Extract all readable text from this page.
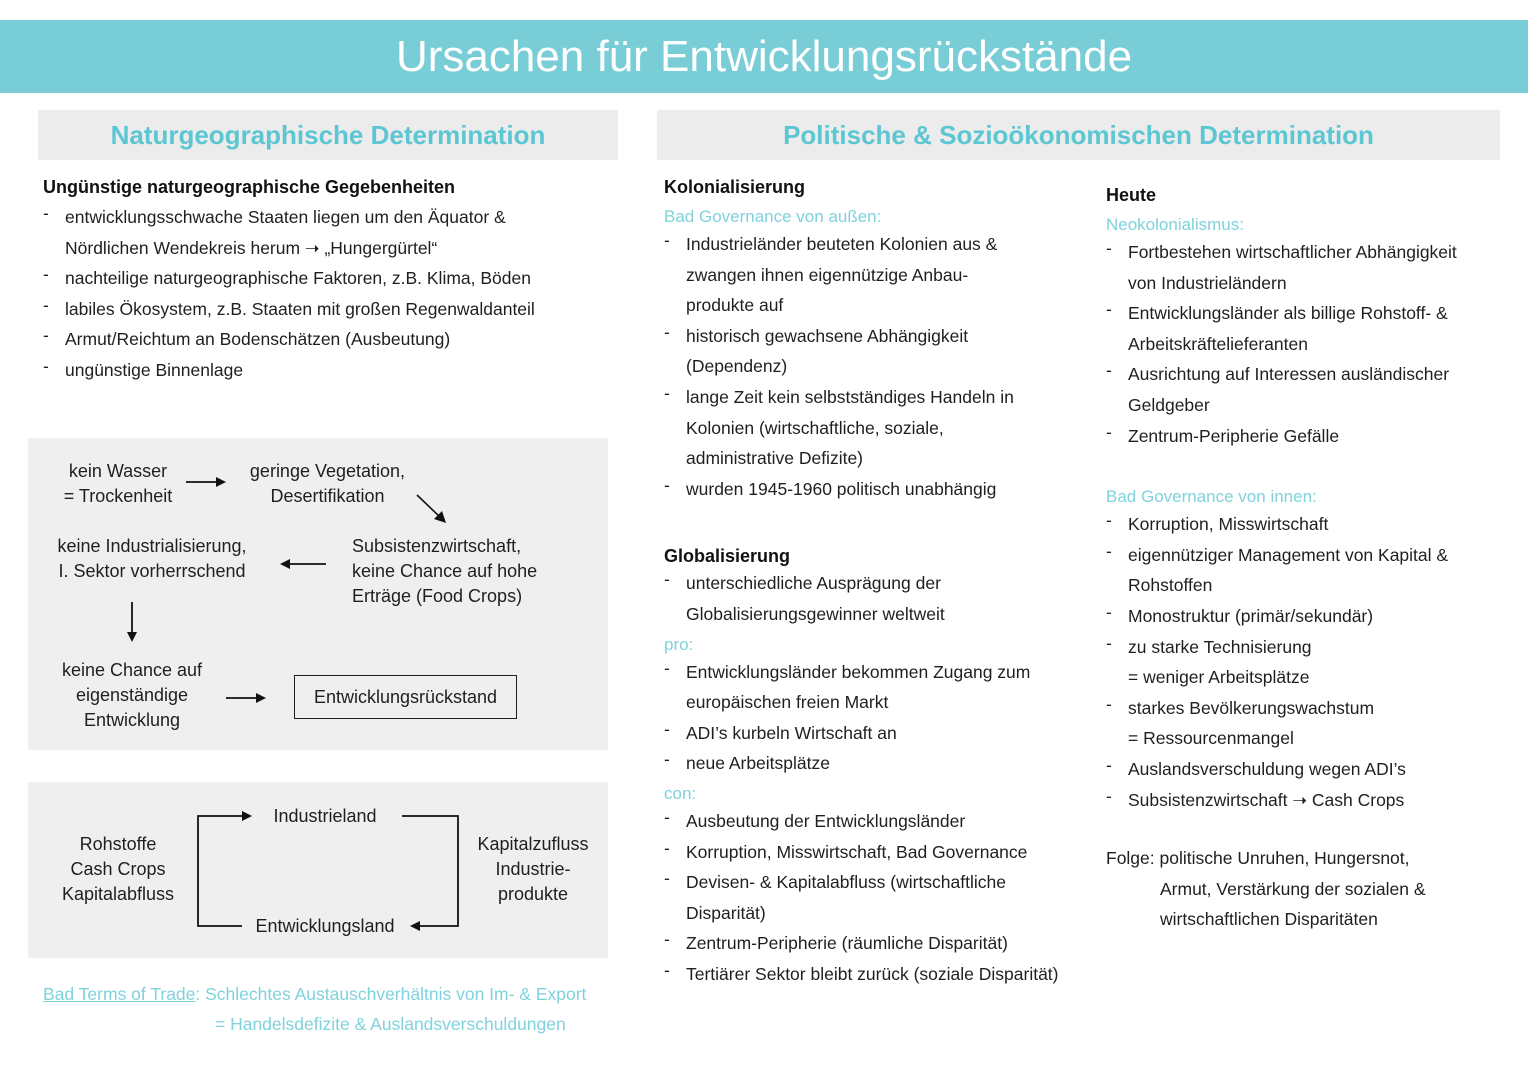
Ursachen für Entwicklungsrückstände
Naturgeographische Determination
Ungünstige naturgeographische Gegebenheiten
- entwicklungsschwache Staaten liegen um den Äquator &
Nördlichen Wendekreis herum ➝ „Hungergürtel“
- nachteilige naturgeographische Faktoren, z.B. Klima, Böden
- labiles Ökosystem, z.B. Staaten mit großen Regenwaldanteil
- Armut/Reichtum an Bodenschätzen (Ausbeutung)
- ungünstige Binnenlage
kein Wasser
= Trockenheit
geringe Vegetation,
Desertifikation
Subsistenzwirtschaft,
keine Chance auf hohe
Erträge (Food Crops)
keine Industrialisierung,
I. Sektor vorherrschend
keine Chance auf
eigenständige
Entwicklung
Entwicklungsrückstand
Industrieland
Entwicklungsland
Rohstoffe
Cash Crops
Kapitalabfluss
Kapitalzufluss
Industrie-
produkte
Bad Terms of Trade: Schlechtes Austauschverhältnis von Im- & Export
= Handelsdefizite & Auslandsverschuldungen
Politische & Sozioökonomischen Determination
Kolonialisierung
Bad Governance von außen:
- Industrieländer beuteten Kolonien aus &
zwangen ihnen eigennützige Anbau-
produkte auf
- historisch gewachsene Abhängigkeit
(Dependenz)
- lange Zeit kein selbstständiges Handeln in
Kolonien (wirtschaftliche, soziale,
administrative Defizite)
- wurden 1945-1960 politisch unabhängig
Globalisierung
- unterschiedliche Ausprägung der
Globalisierungsgewinner weltweit
pro:
- Entwicklungsländer bekommen Zugang zum
europäischen freien Markt
- ADI’s kurbeln Wirtschaft an
- neue Arbeitsplätze
con:
- Ausbeutung der Entwicklungsländer
- Korruption, Misswirtschaft, Bad Governance
- Devisen- & Kapitalabfluss (wirtschaftliche
Disparität)
- Zentrum-Peripherie (räumliche Disparität)
- Tertiärer Sektor bleibt zurück (soziale Disparität)
Heute
Neokolonialismus:
- Fortbestehen wirtschaftlicher Abhängigkeit
von Industrieländern
- Entwicklungsländer als billige Rohstoff- &
Arbeitskräftelieferanten
- Ausrichtung auf Interessen ausländischer
Geldgeber
- Zentrum-Peripherie Gefälle
Bad Governance von innen:
- Korruption, Misswirtschaft
- eigennütziger Management von Kapital &
Rohstoffen
- Monostruktur (primär/sekundär)
- zu starke Technisierung
= weniger Arbeitsplätze
- starkes Bevölkerungswachstum
= Ressourcenmangel
- Auslandsverschuldung wegen ADI’s
- Subsistenzwirtschaft ➝ Cash Crops
Folge: politische Unruhen, Hungersnot,
Armut, Verstärkung der sozialen &
wirtschaftlichen Disparitäten
